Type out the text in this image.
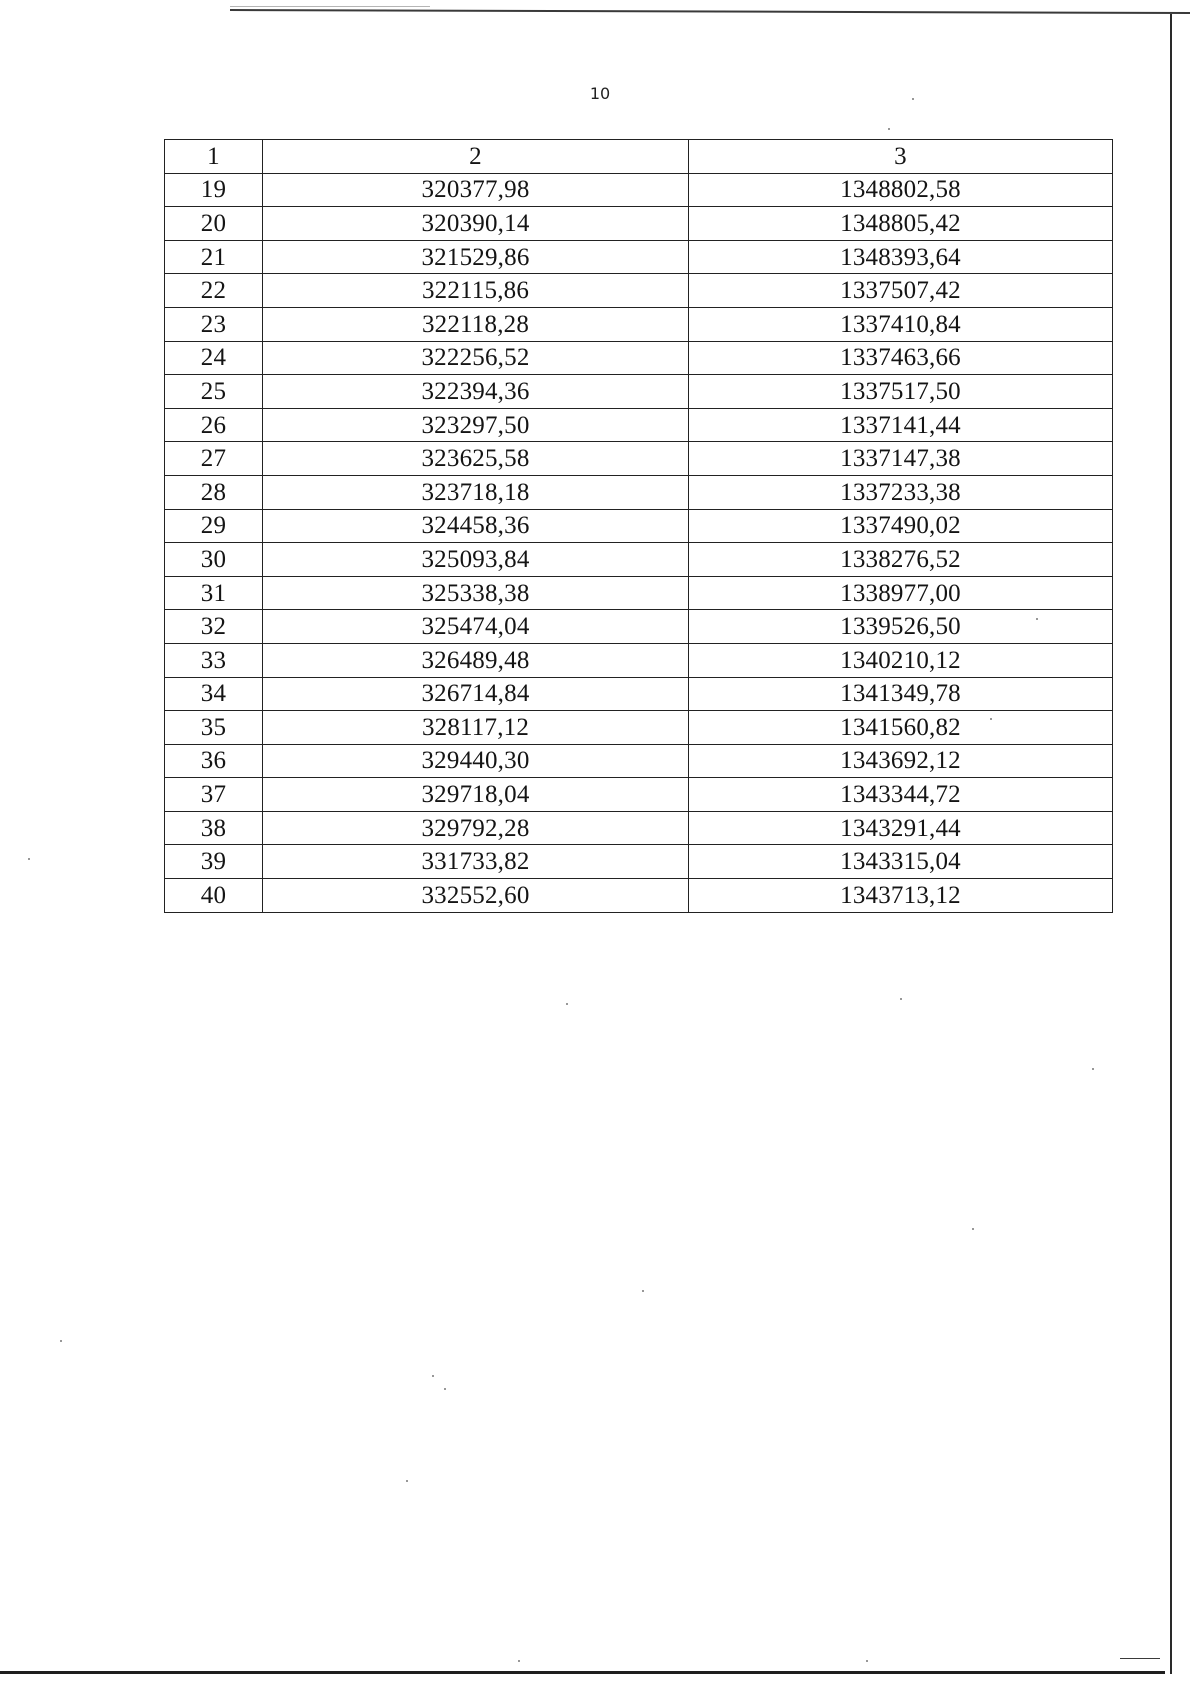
10
1	2	3
19	320377,98	1348802,58
20	320390,14	1348805,42
21	321529,86	1348393,64
22	322115,86	1337507,42
23	322118,28	1337410,84
24	322256,52	1337463,66
25	322394,36	1337517,50
26	323297,50	1337141,44
27	323625,58	1337147,38
28	323718,18	1337233,38
29	324458,36	1337490,02
30	325093,84	1338276,52
31	325338,38	1338977,00
32	325474,04	1339526,50
33	326489,48	1340210,12
34	326714,84	1341349,78
35	328117,12	1341560,82
36	329440,30	1343692,12
37	329718,04	1343344,72
38	329792,28	1343291,44
39	331733,82	1343315,04
40	332552,60	1343713,12
